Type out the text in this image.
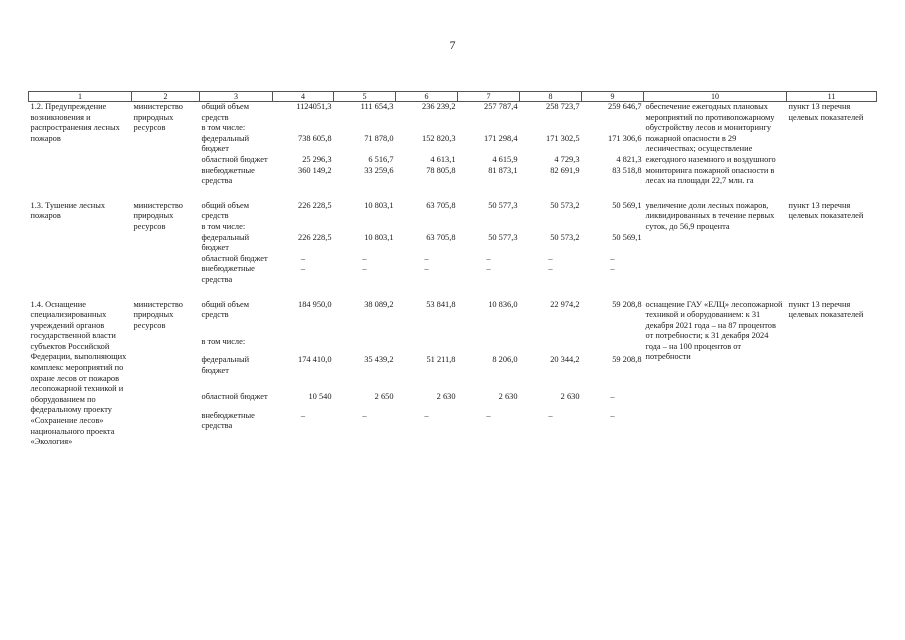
7
1	2	3	4	5	6	7	8	9	10	11
1.2. Предупреждение возникновения и распространения лесных пожаров	министерство природных ресурсов	общий объем средств	1124051,3	111 654,3	236 239,2	257 787,4	258 723,7	259 646,7	обеспечение ежегодных плановых мероприятий по противопожарному обустройству лесов и мониторингу пожарной опасности в 29 лесничествах; осуществление ежегодного наземного и воздушного мониторинга пожарной опасности в лесах на площади 22,7 млн. га	пункт 13 перечня целевых показателей
		в том числе:								
		федеральный бюджет	738 605,8	71 878,0	152 820,3	171 298,4	171 302,5	171 306,6		
		областной бюджет	25 296,3	6 516,7	4 613,1	4 615,9	4 729,3	4 821,3		
		внебюджетные средства	360 149,2	33 259,6	78 805,8	81 873,1	82 691,9	83 518,8		

1.3. Тушение лесных пожаров	министерство природных ресурсов	общий объем средств	226 228,5	10 803,1	63 705,8	50 577,3	50 573,2	50 569,1	увеличение доли лесных пожаров, ликвидированных в течение первых суток, до 56,9 процента	пункт 13 перечня целевых показателей
		в том числе:								
		федеральный бюджет	226 228,5	10 803,1	63 705,8	50 577,3	50 573,2	50 569,1		
		областной бюджет	–	–	–	–	–	–		
		внебюджетные средства	–	–	–	–	–	–		

1.4. Оснащение специализированных учреждений органов государственной власти субъектов Российской Федерации, выполняющих комплекс мероприятий по охране лесов от пожаров лесопожарной техникой и оборудованием по федеральному проекту «Сохранение лесов» национального проекта «Экология»	министерство природных ресурсов	общий объем средств	184 950,0	38 089,2	53 841,8	10 836,0	22 974,2	59 208,8	оснащение ГАУ «ЕЛЦ» лесопожарной техникой и оборудованием: к 31 декабря 2021 года – на 87 процентов от потребности; к 31 декабря 2024 года – на 100 процентов от потребности	пункт 13 перечня целевых показателей
		в том числе:								
		федеральный бюджет	174 410,0	35 439,2	51 211,8	8 206,0	20 344,2	59 208,8		
		областной бюджет	10 540	2 650	2 630	2 630	2 630	–		
		внебюджетные средства	–	–	–	–	–	–		
